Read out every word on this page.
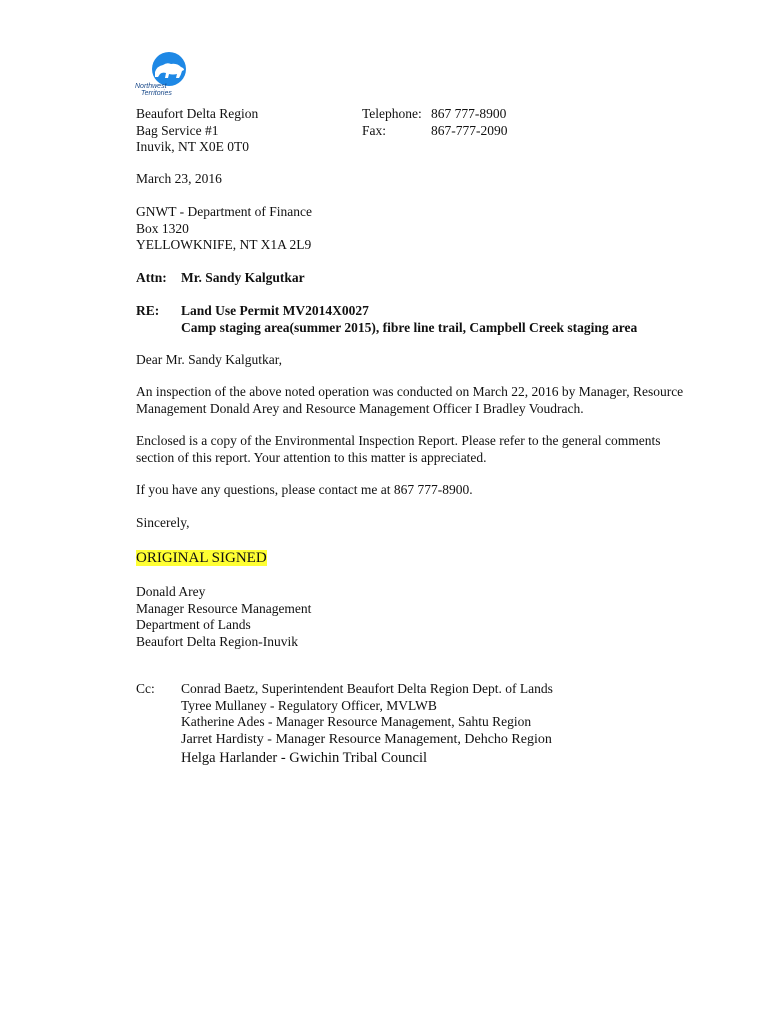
Northwest
Territories
Beaufort Delta Region
Bag Service #1
Inuvik, NT X0E 0T0
Telephone: 867 777-8900
Fax:	867-777-2090
March 23, 2016
GNWT - Department of Finance
Box 1320
YELLOWKNIFE, NT X1A 2L9
Attn:	Mr. Sandy Kalgutkar
RE:	Land Use Permit MV2014X0027
Camp staging area(summer 2015), fibre line trail, Campbell Creek staging area
Dear Mr. Sandy Kalgutkar,
An inspection of the above noted operation was conducted on March 22, 2016 by Manager, Resource Management Donald Arey and Resource Management Officer I Bradley Voudrach.
Enclosed is a copy of the Environmental Inspection Report. Please refer to the general comments section of this report. Your attention to this matter is appreciated.
If you have any questions, please contact me at 867 777-8900.
Sincerely,
ORIGINAL SIGNED
Donald Arey
Manager Resource Management
Department of Lands
Beaufort Delta Region-Inuvik
Cc:	Conrad Baetz, Superintendent Beaufort Delta Region Dept. of Lands
Tyree Mullaney - Regulatory Officer, MVLWB
Katherine Ades - Manager Resource Management, Sahtu Region
Jarret Hardisty - Manager Resource Management, Dehcho Region
Helga Harlander - Gwichin Tribal Council
